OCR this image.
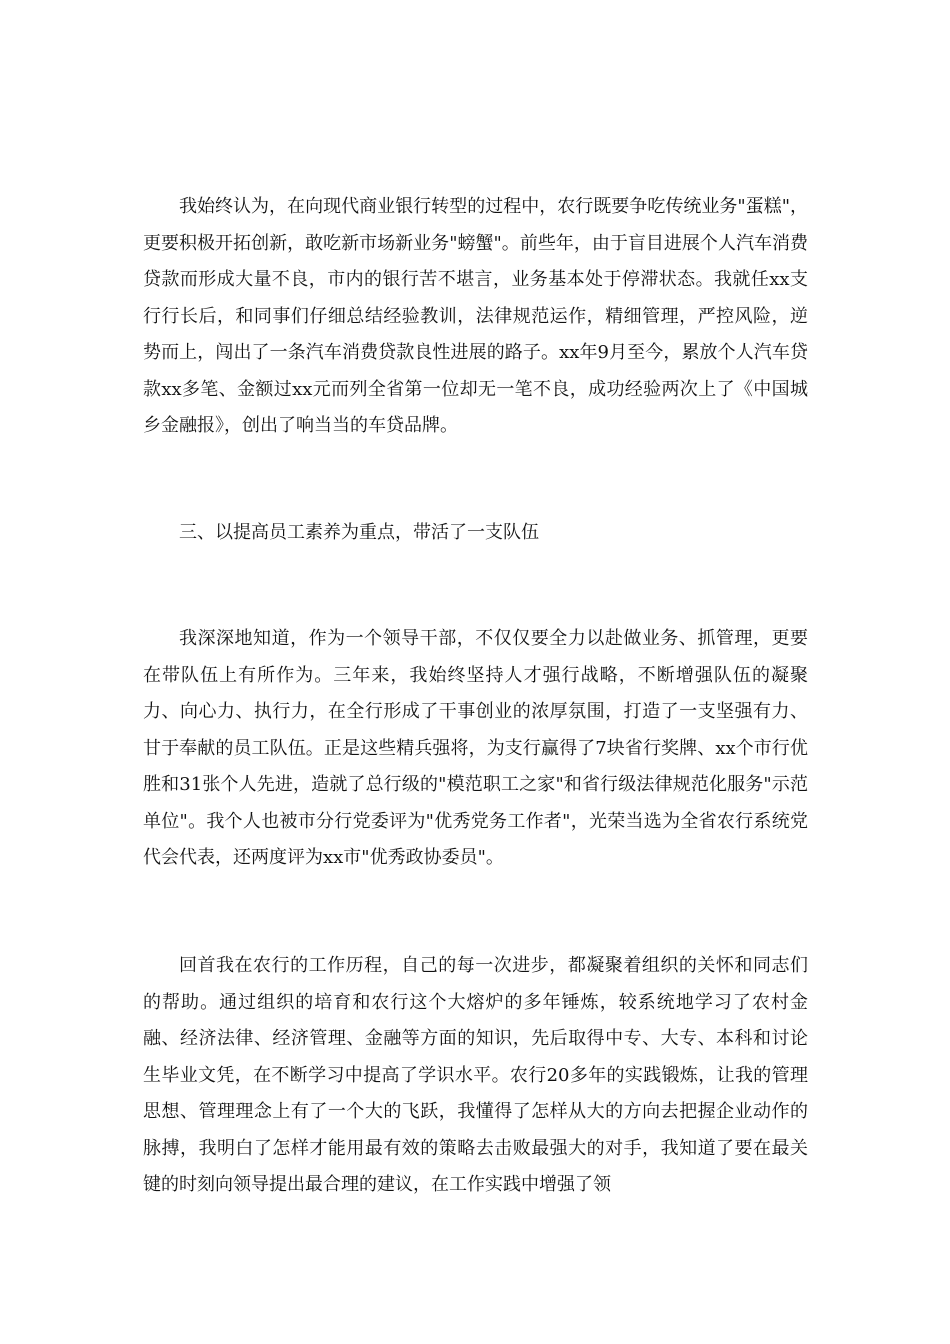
我始终认为，在向现代商业银行转型的过程中，农行既要争吃传统业务"蛋糕"，更要积极开拓创新，敢吃新市场新业务"螃蟹"。前些年，由于盲目进展个人汽车消费贷款而形成大量不良，市内的银行苦不堪言，业务基本处于停滞状态。我就任xx支行行长后，和同事们仔细总结经验教训，法律规范运作，精细管理，严控风险，逆势而上，闯出了一条汽车消费贷款良性进展的路子。xx年9月至今，累放个人汽车贷款xx多笔、金额过xx元而列全省第一位却无一笔不良，成功经验两次上了《中国城乡金融报》，创出了响当当的车贷品牌。

三、以提高员工素养为重点，带活了一支队伍

我深深地知道，作为一个领导干部，不仅仅要全力以赴做业务、抓管理，更要在带队伍上有所作为。三年来，我始终坚持人才强行战略，不断增强队伍的凝聚力、向心力、执行力，在全行形成了干事创业的浓厚氛围，打造了一支坚强有力、甘于奉献的员工队伍。正是这些精兵强将，为支行赢得了7块省行奖牌、xx个市行优胜和31张个人先进，造就了总行级的"模范职工之家"和省行级法律规范化服务"示范单位"。我个人也被市分行党委评为"优秀党务工作者"，光荣当选为全省农行系统党代会代表，还两度评为xx市"优秀政协委员"。

回首我在农行的工作历程，自己的每一次进步，都凝聚着组织的关怀和同志们的帮助。通过组织的培育和农行这个大熔炉的多年锤炼，较系统地学习了农村金融、经济法律、经济管理、金融等方面的知识，先后取得中专、大专、本科和讨论生毕业文凭，在不断学习中提高了学识水平。农行20多年的实践锻炼，让我的管理思想、管理理念上有了一个大的飞跃，我懂得了怎样从大的方向去把握企业动作的脉搏，我明白了怎样才能用最有效的策略去击败最强大的对手，我知道了要在最关键的时刻向领导提出最合理的建议，在工作实践中增强了领
